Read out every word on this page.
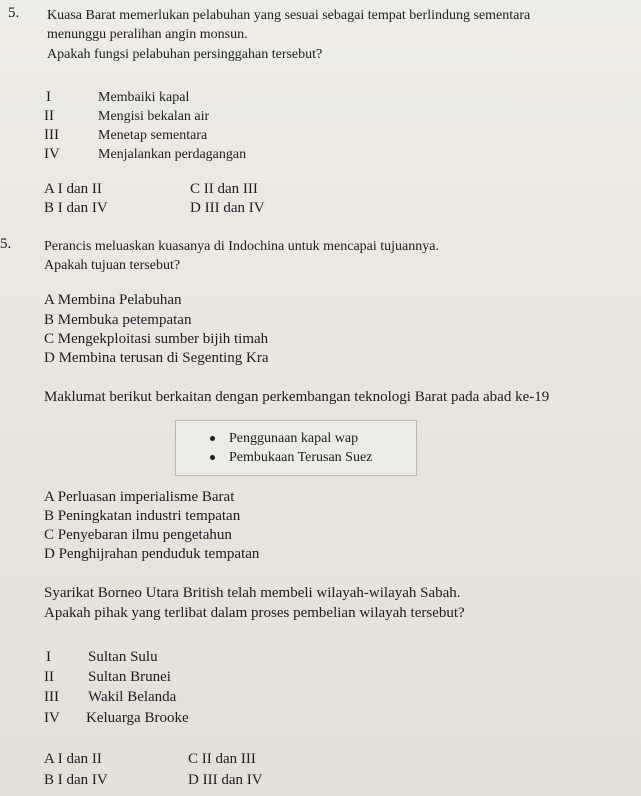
5. Kuasa Barat memerlukan pelabuhan yang sesuai sebagai tempat berlindung sementara
menunggu peralihan angin monsun.
Apakah fungsi pelabuhan persinggahan tersebut?
I	Membaiki kapal
II	Mengisi bekalan air
III	Menetap sementara
IV	Menjalankan perdagangan
A I dan II	C II dan III
B I dan IV	D III dan IV
5. Perancis meluaskan kuasanya di Indochina untuk mencapai tujuannya.
Apakah tujuan tersebut?
A Membina Pelabuhan
B Membuka petempatan
C Mengekploitasi sumber bijih timah
D Membina terusan di Segenting Kra
Maklumat berikut berkaitan dengan perkembangan teknologi Barat pada abad ke-19
Penggunaan kapal wap
Pembukaan Terusan Suez
A Perluasan imperialisme Barat
B Peningkatan industri tempatan
C Penyebaran ilmu pengetahun
D Penghijrahan penduduk tempatan
Syarikat Borneo Utara British telah membeli wilayah-wilayah Sabah.
Apakah pihak yang terlibat dalam proses pembelian wilayah tersebut?
I Sultan Sulu
II Sultan Brunei
III Wakil Belanda
IV Keluarga Brooke
A I dan II	C II dan III
B I dan IV	D III dan IV
